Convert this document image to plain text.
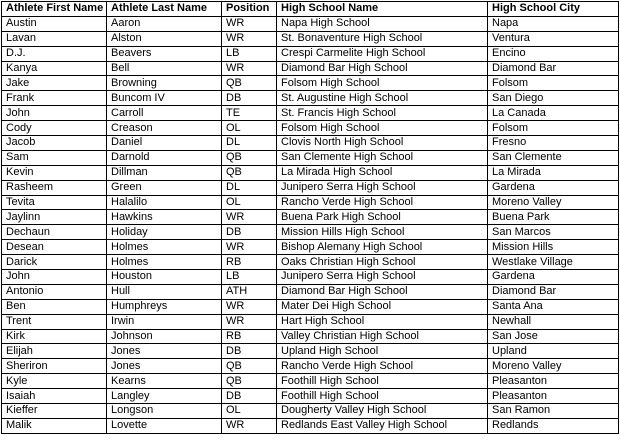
Athlete First Name	Athlete Last Name	Position	High School Name	High School City
Austin	Aaron	WR	Napa High School	Napa
Lavan	Alston	WR	St. Bonaventure High School	Ventura
D.J.	Beavers	LB	Crespi Carmelite High School	Encino
Kanya	Bell	WR	Diamond Bar High School	Diamond Bar
Jake	Browning	QB	Folsom High School	Folsom
Frank	Buncom IV	DB	St. Augustine High School	San Diego
John	Carroll	TE	St. Francis High School	La Canada
Cody	Creason	OL	Folsom High School	Folsom
Jacob	Daniel	DL	Clovis North High School	Fresno
Sam	Darnold	QB	San Clemente High School	San Clemente
Kevin	Dillman	QB	La Mirada High School	La Mirada
Rasheem	Green	DL	Junipero Serra High School	Gardena
Tevita	Halalilo	OL	Rancho Verde High School	Moreno Valley
Jaylinn	Hawkins	WR	Buena Park High School	Buena Park
Dechaun	Holiday	DB	Mission Hills High School	San Marcos
Desean	Holmes	WR	Bishop Alemany High School	Mission Hills
Darick	Holmes	RB	Oaks Christian High School	Westlake Village
John	Houston	LB	Junipero Serra High School	Gardena
Antonio	Hull	ATH	Diamond Bar High School	Diamond Bar
Ben	Humphreys	WR	Mater Dei High School	Santa Ana
Trent	Irwin	WR	Hart High School	Newhall
Kirk	Johnson	RB	Valley Christian High School	San Jose
Elijah	Jones	DB	Upland High School	Upland
Sheriron	Jones	QB	Rancho Verde High School	Moreno Valley
Kyle	Kearns	QB	Foothill High School	Pleasanton
Isaiah	Langley	DB	Foothill High School	Pleasanton
Kieffer	Longson	OL	Dougherty Valley High School	San Ramon
Malik	Lovette	WR	Redlands East Valley High School	Redlands
